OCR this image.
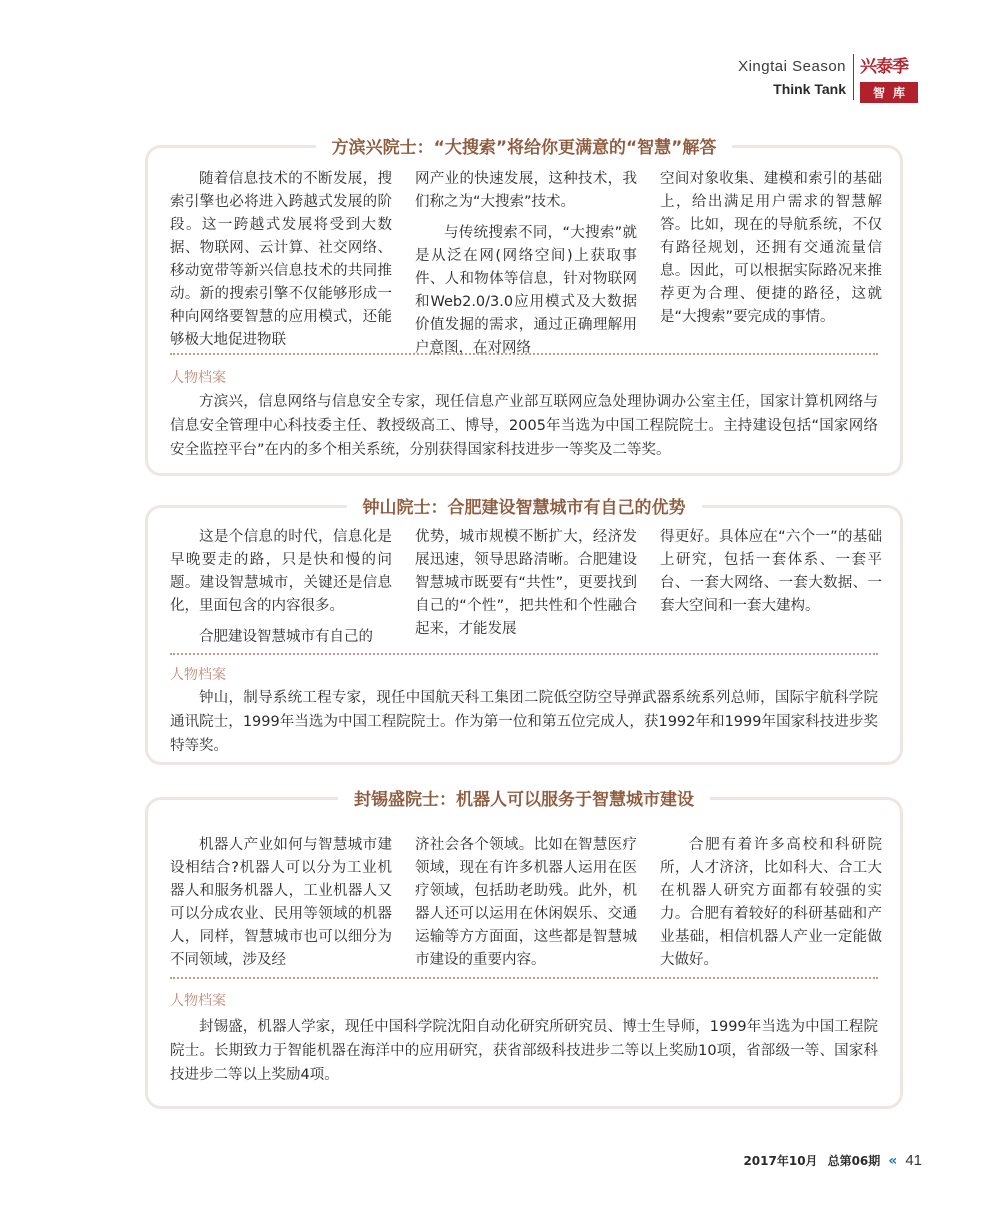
Xingtai Season
Think Tank
兴泰季
智库
方滨兴院士：“大搜索”将给你更满意的“智慧”解答

随着信息技术的不断发展，搜索引擎也必将进入跨越式发展的阶段。这一跨越式发展将受到大数据、物联网、云计算、社交网络、移动宽带等新兴信息技术的共同推动。新的搜索引擎不仅能够形成一种向网络要智慧的应用模式，还能够极大地促进物联

网产业的快速发展，这种技术，我们称之为“大搜索”技术。

与传统搜索不同，“大搜索”就是从泛在网(网络空间)上获取事件、人和物体等信息，针对物联网和Web2.0/3.0应用模式及大数据价值发掘的需求，通过正确理解用户意图，在对网络

空间对象收集、建模和索引的基础上，给出满足用户需求的智慧解答。比如，现在的导航系统，不仅有路径规划，还拥有交通流量信息。因此，可以根据实际路况来推荐更为合理、便捷的路径，这就是“大搜索”要完成的事情。

人物档案

方滨兴，信息网络与信息安全专家，现任信息产业部互联网应急处理协调办公室主任，国家计算机网络与信息安全管理中心科技委主任、教授级高工、博导，2005年当选为中国工程院院士。主持建设包括“国家网络安全监控平台”在内的多个相关系统，分别获得国家科技进步一等奖及二等奖。

钟山院士：合肥建设智慧城市有自己的优势

这是个信息的时代，信息化是早晚要走的路，只是快和慢的问题。建设智慧城市，关键还是信息化，里面包含的内容很多。

合肥建设智慧城市有自己的

优势，城市规模不断扩大，经济发展迅速，领导思路清晰。合肥建设智慧城市既要有“共性”，更要找到自己的“个性”，把共性和个性融合起来，才能发展

得更好。具体应在“六个一”的基础上研究，包括一套体系、一套平台、一套大网络、一套大数据、一套大空间和一套大建构。

人物档案

钟山，制导系统工程专家，现任中国航天科工集团二院低空防空导弹武器系统系列总师，国际宇航科学院通讯院士，1999年当选为中国工程院院士。作为第一位和第五位完成人，获1992年和1999年国家科技进步奖特等奖。

封锡盛院士：机器人可以服务于智慧城市建设

机器人产业如何与智慧城市建设相结合?机器人可以分为工业机器人和服务机器人，工业机器人又可以分成农业、民用等领域的机器人，同样，智慧城市也可以细分为不同领域，涉及经

济社会各个领域。比如在智慧医疗领域，现在有许多机器人运用在医疗领域，包括助老助残。此外，机器人还可以运用在休闲娱乐、交通运输等方方面面，这些都是智慧城市建设的重要内容。

合肥有着许多高校和科研院所，人才济济，比如科大、合工大在机器人研究方面都有较强的实力。合肥有着较好的科研基础和产业基础，相信机器人产业一定能做大做好。

人物档案

封锡盛，机器人学家，现任中国科学院沈阳自动化研究所研究员、博士生导师，1999年当选为中国工程院院士。长期致力于智能机器在海洋中的应用研究，获省部级科技进步二等以上奖励10项，省部级一等、国家科技进步二等以上奖励4项。

2017年10月 总第06期 « 41
